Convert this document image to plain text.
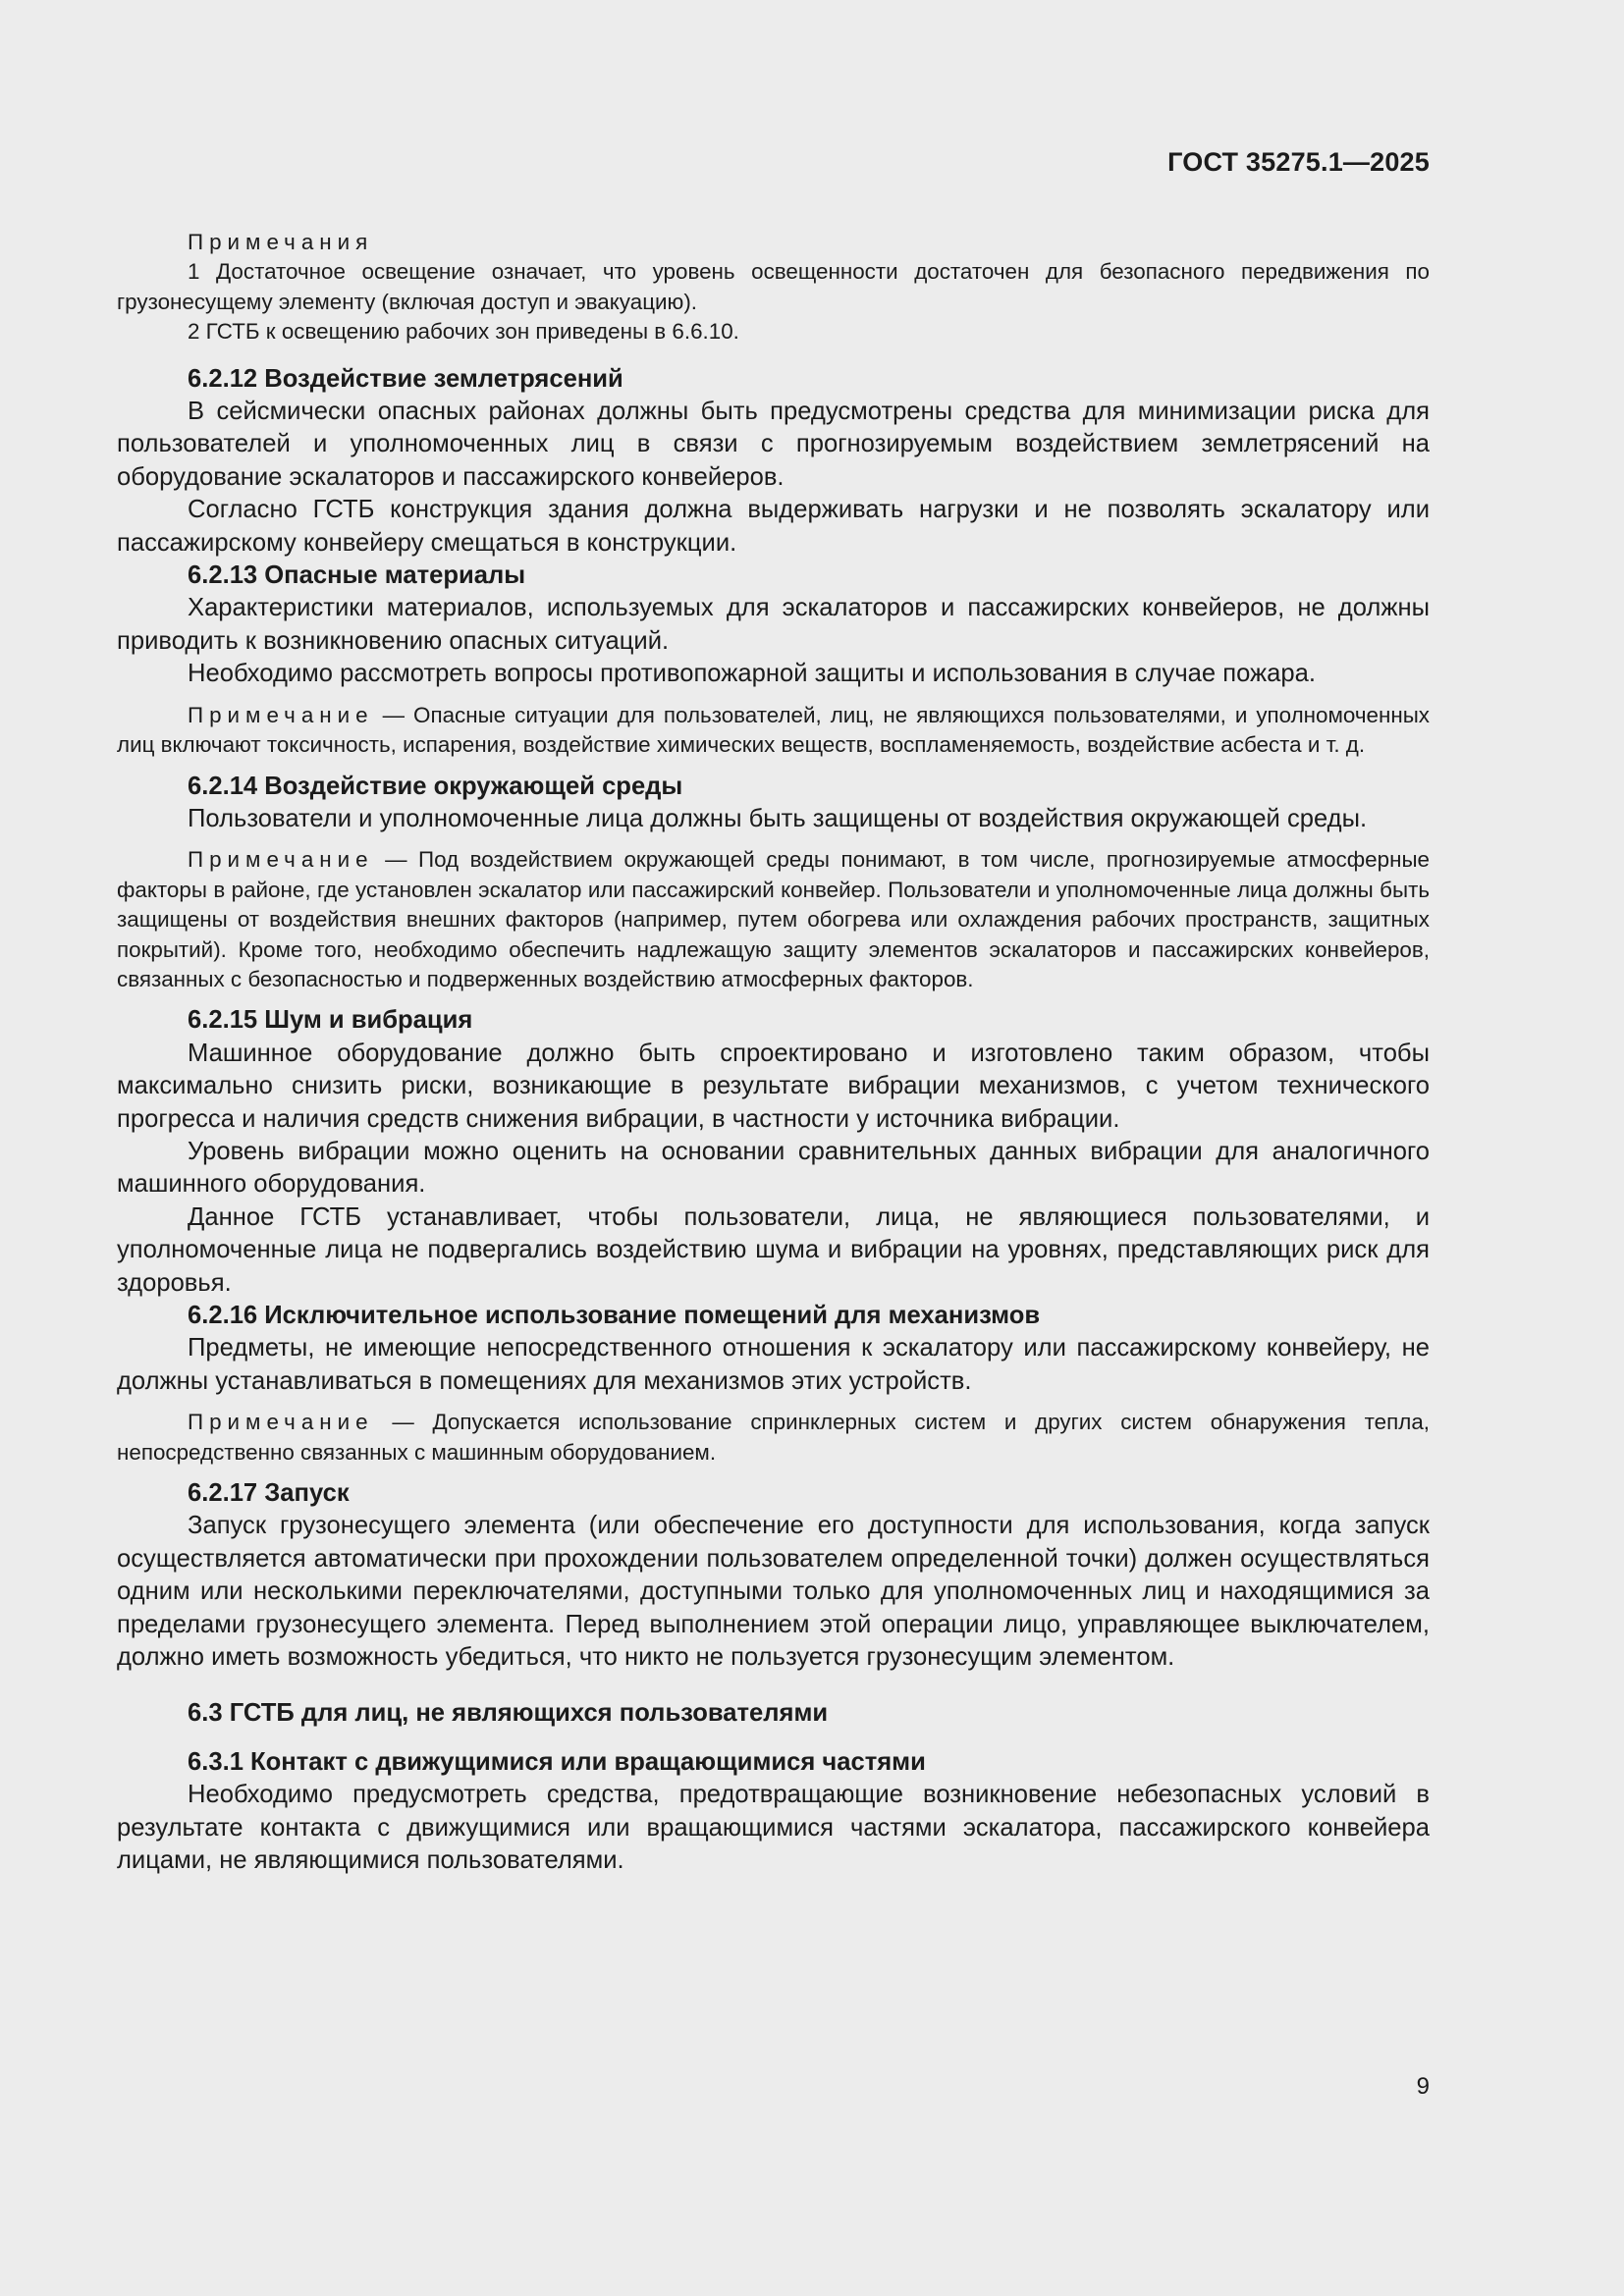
ГОСТ 35275.1—2025

Примечания

1 Достаточное освещение означает, что уровень освещенности достаточен для безопасного передвижения по грузонесущему элементу (включая доступ и эвакуацию).

2 ГСТБ к освещению рабочих зон приведены в 6.6.10.

6.2.12 Воздействие землетрясений

В сейсмически опасных районах должны быть предусмотрены средства для минимизации риска для пользователей и уполномоченных лиц в связи с прогнозируемым воздействием землетрясений на оборудование эскалаторов и пассажирского конвейеров.

Согласно ГСТБ конструкция здания должна выдерживать нагрузки и не позволять эскалатору или пассажирскому конвейеру смещаться в конструкции.

6.2.13 Опасные материалы

Характеристики материалов, используемых для эскалаторов и пассажирских конвейеров, не должны приводить к возникновению опасных ситуаций.

Необходимо рассмотреть вопросы противопожарной защиты и использования в случае пожара.

Примечание — Опасные ситуации для пользователей, лиц, не являющихся пользователями, и уполномоченных лиц включают токсичность, испарения, воздействие химических веществ, воспламеняемость, воздействие асбеста и т. д.

6.2.14 Воздействие окружающей среды

Пользователи и уполномоченные лица должны быть защищены от воздействия окружающей среды.

Примечание — Под воздействием окружающей среды понимают, в том числе, прогнозируемые атмосферные факторы в районе, где установлен эскалатор или пассажирский конвейер. Пользователи и уполномоченные лица должны быть защищены от воздействия внешних факторов (например, путем обогрева или охлаждения рабочих пространств, защитных покрытий). Кроме того, необходимо обеспечить надлежащую защиту элементов эскалаторов и пассажирских конвейеров, связанных с безопасностью и подверженных воздействию атмосферных факторов.

6.2.15 Шум и вибрация

Машинное оборудование должно быть спроектировано и изготовлено таким образом, чтобы максимально снизить риски, возникающие в результате вибрации механизмов, с учетом технического прогресса и наличия средств снижения вибрации, в частности у источника вибрации.

Уровень вибрации можно оценить на основании сравнительных данных вибрации для аналогичного машинного оборудования.

Данное ГСТБ устанавливает, чтобы пользователи, лица, не являющиеся пользователями, и уполномоченные лица не подвергались воздействию шума и вибрации на уровнях, представляющих риск для здоровья.

6.2.16 Исключительное использование помещений для механизмов

Предметы, не имеющие непосредственного отношения к эскалатору или пассажирскому конвейеру, не должны устанавливаться в помещениях для механизмов этих устройств.

Примечание — Допускается использование спринклерных систем и других систем обнаружения тепла, непосредственно связанных с машинным оборудованием.

6.2.17 Запуск

Запуск грузонесущего элемента (или обеспечение его доступности для использования, когда запуск осуществляется автоматически при прохождении пользователем определенной точки) должен осуществляться одним или несколькими переключателями, доступными только для уполномоченных лиц и находящимися за пределами грузонесущего элемента. Перед выполнением этой операции лицо, управляющее выключателем, должно иметь возможность убедиться, что никто не пользуется грузонесущим элементом.

6.3 ГСТБ для лиц, не являющихся пользователями

6.3.1 Контакт с движущимися или вращающимися частями

Необходимо предусмотреть средства, предотвращающие возникновение небезопасных условий в результате контакта с движущимися или вращающимися частями эскалатора, пассажирского конвейера лицами, не являющимися пользователями.

9
